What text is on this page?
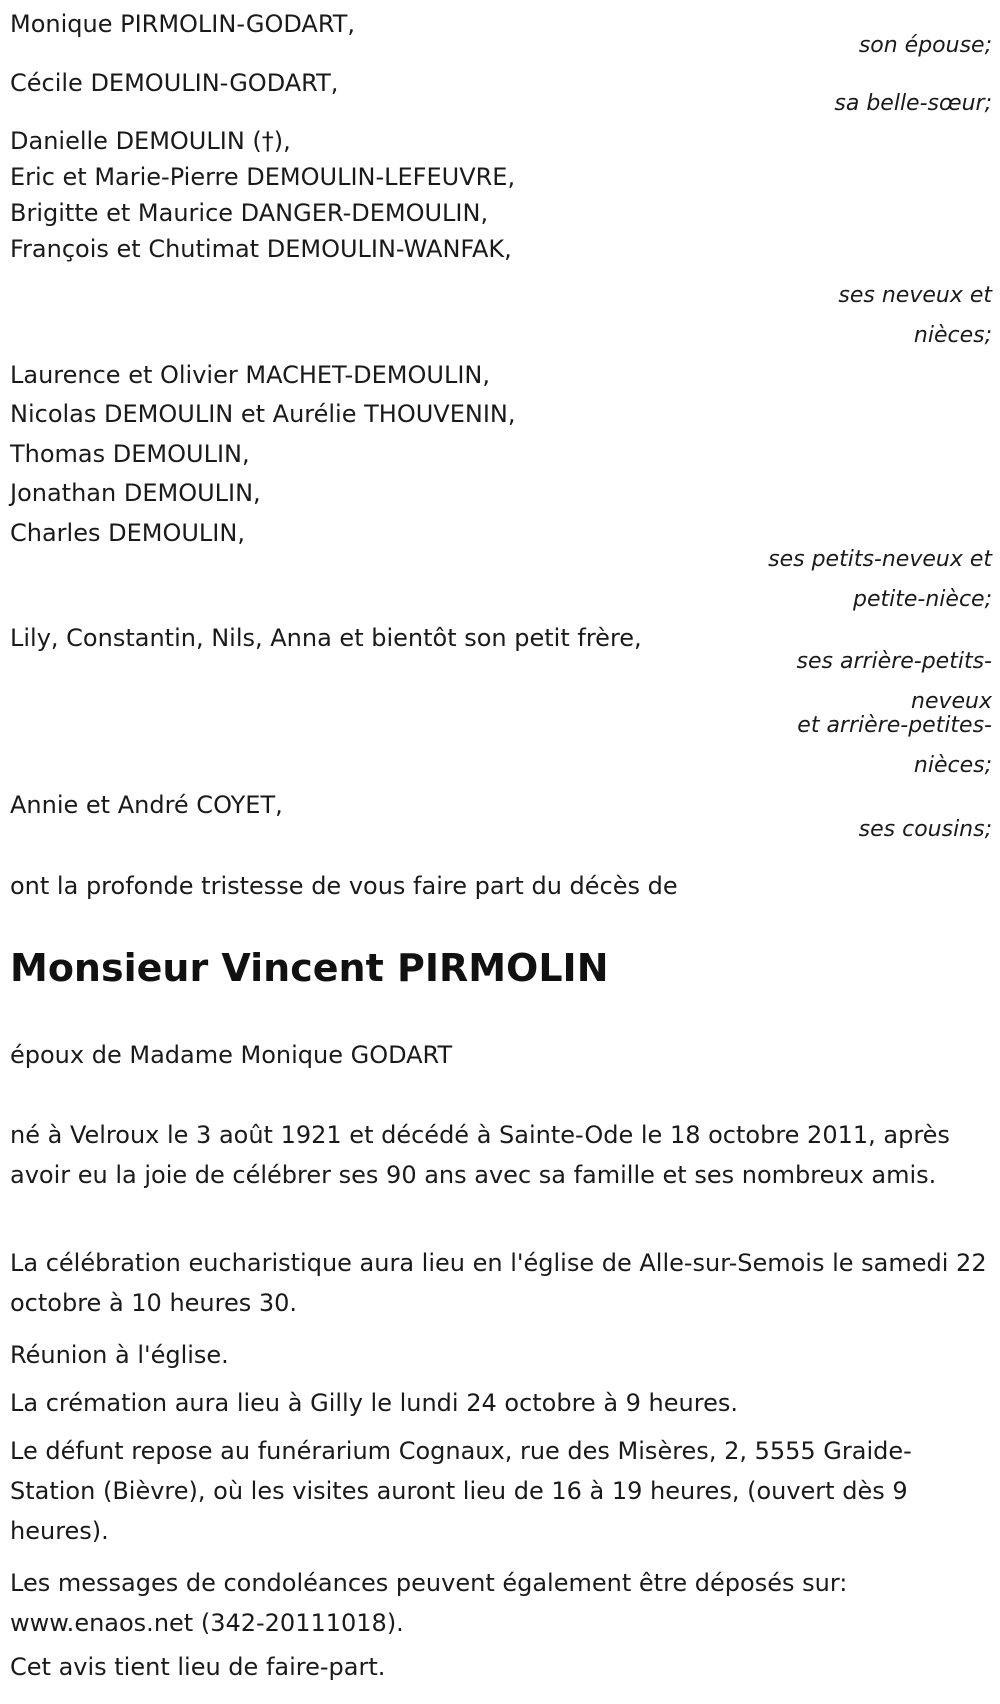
Monique PIRMOLIN-GODART,

son épouse;

Cécile DEMOULIN-GODART,

sa belle-sœur;

Danielle DEMOULIN (†),

Eric et Marie-Pierre DEMOULIN-LEFEUVRE,

Brigitte et Maurice DANGER-DEMOULIN,

François et Chutimat DEMOULIN-WANFAK,

ses neveux et

nièces;

Laurence et Olivier MACHET-DEMOULIN,

Nicolas DEMOULIN et Aurélie THOUVENIN,

Thomas DEMOULIN,

Jonathan DEMOULIN,

Charles DEMOULIN,

ses petits-neveux et

petite-nièce;

Lily, Constantin, Nils, Anna et bientôt son petit frère,

ses arrière-petits-

neveux

et arrière-petites-

nièces;

Annie et André COYET,

ses cousins;

ont la profonde tristesse de vous faire part du décès de

Monsieur Vincent PIRMOLIN

époux de Madame Monique GODART

né à Velroux le 3 août 1921 et décédé à Sainte-Ode le 18 octobre 2011, après avoir eu la joie de célébrer ses 90 ans avec sa famille et ses nombreux amis.

La célébration eucharistique aura lieu en l'église de Alle-sur-Semois le samedi 22 octobre à 10 heures 30.

Réunion à l'église.

La crémation aura lieu à Gilly le lundi 24 octobre à 9 heures.

Le défunt repose au funérarium Cognaux, rue des Misères, 2, 5555 Graide-Station (Bièvre), où les visites auront lieu de 16 à 19 heures, (ouvert dès 9 heures).

Les messages de condoléances peuvent également être déposés sur: www.enaos.net (342-20111018).

Cet avis tient lieu de faire-part.
